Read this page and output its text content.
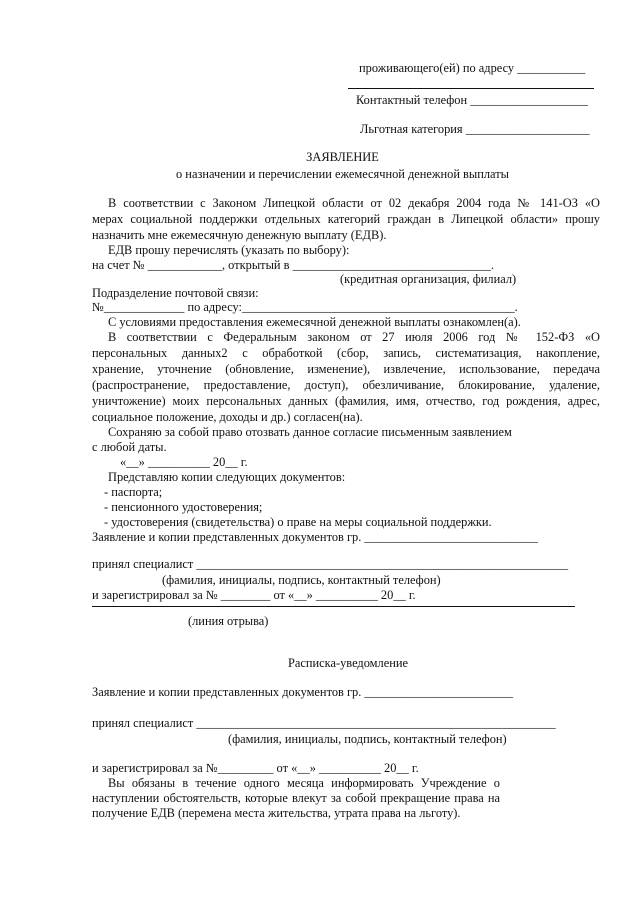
проживающего(ей) по адресу ___________
Контактный телефон ___________________
Льготная категория ____________________
ЗАЯВЛЕНИЕ
о назначении и перечислении ежемесячной денежной выплаты
В соответствии с Законом Липецкой области от 02 декабря 2004 года № 141-ОЗ «О
мерах социальной поддержки отдельных категорий граждан в Липецкой области» прошу
назначить мне ежемесячную денежную выплату (ЕДВ).
ЕДВ прошу перечислять (указать по выбору):
на счет № ____________, открытый в ________________________________.
(кредитная организация, филиал)
Подразделение почтовой связи:
№_____________ по адресу:____________________________________________.
С условиями предоставления ежемесячной денежной выплаты ознакомлен(а).
В соответствии с Федеральным законом от 27 июля 2006 год № 152-ФЗ «О
персональных данных2 с обработкой (сбор, запись, систематизация, накопление,
хранение, уточнение (обновление, изменение), извлечение, использование, передача
(распространение, предоставление, доступ), обезличивание, блокирование, удаление,
уничтожение) моих персональных данных (фамилия, имя, отчество, год рождения, адрес,
социальное положение, доходы и др.) согласен(на).
Сохраняю за собой право отозвать данное согласие письменным заявлением
с любой даты.
«__» __________ 20__ г.
Представляю копии следующих документов:
- паспорта;
- пенсионного удостоверения;
- удостоверения (свидетельства) о праве на меры социальной поддержки.
Заявление и копии представленных документов гр. ____________________________
принял специалист ____________________________________________________________
(фамилия, инициалы, подпись, контактный телефон)
и зарегистрировал за № ________ от «__» __________ 20__ г.
(линия отрыва)
Расписка-уведомление
Заявление и копии представленных документов гр. ________________________
принял специалист __________________________________________________________
(фамилия, инициалы, подпись, контактный телефон)
и зарегистрировал за №_________ от «__» __________ 20__ г.
Вы обязаны в течение одного месяца информировать Учреждение о
наступлении обстоятельств, которые влекут за собой прекращение права на
получение ЕДВ (перемена места жительства, утрата права на льготу).
